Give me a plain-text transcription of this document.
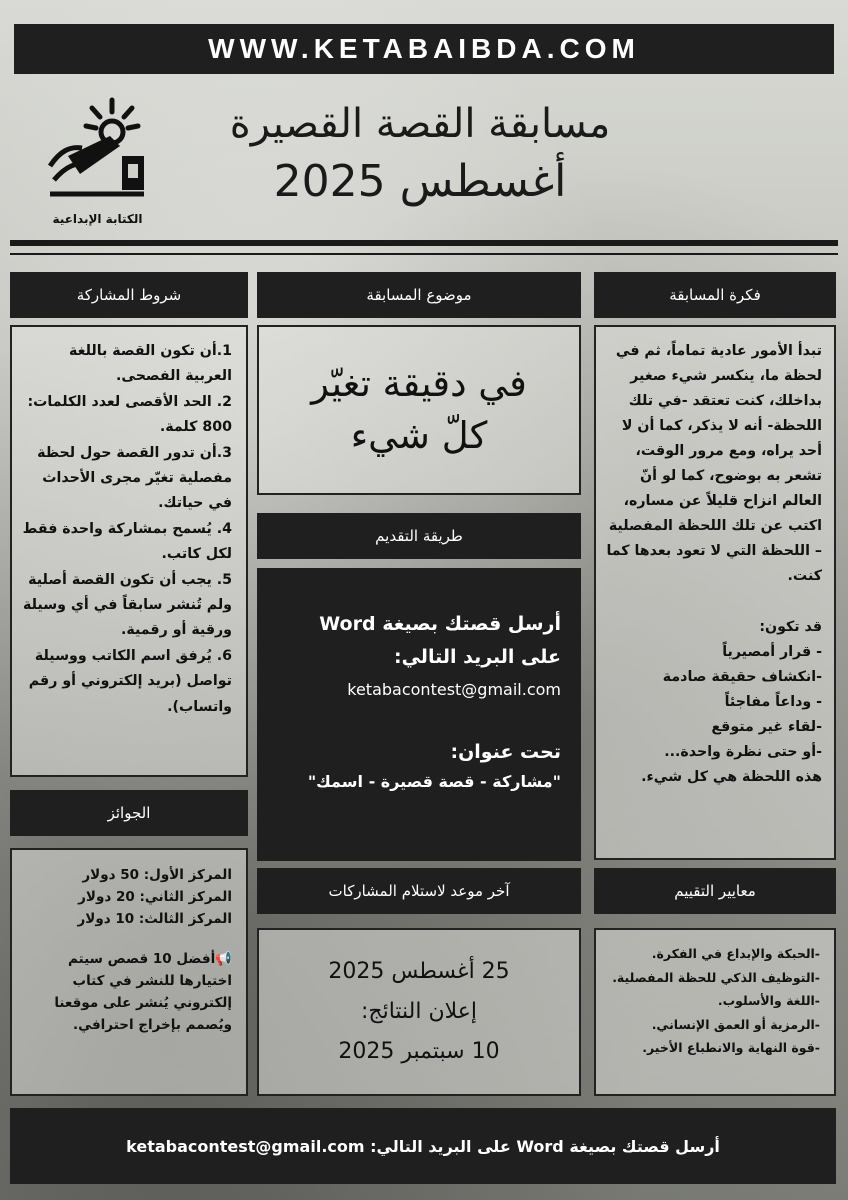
WWW.KETABAIBDA.COM
الكتابة الإبداعية
مسابقة القصة القصيرة
أغسطس 2025
شروط المشاركة	موضوع المسابقة	فكرة المسابقة

1.أن تكون القصة باللغة العربية الفصحى.

2. الحد الأقصى لعدد الكلمات: 800 كلمة.

3.أن تدور القصة حول لحظة مفصلية تغيّر مجرى الأحداث في حياتك.

4. يُسمح بمشاركة واحدة فقط لكل كاتب.

5. يجب أن تكون القصة أصلية ولم تُنشر سابقاً في أي وسيلة ورقية أو رقمية.

6. يُرفق اسم الكاتب ووسيلة تواصل (بريد إلكتروني أو رقم واتساب).

في دقيقة تغيّر
كلّ شيء

تبدأ الأمور عادية تماماً، ثم في لحظة ما، ينكسر شيء صغير بداخلك، كنت تعتقد -في تلك اللحظة- أنه لا يذكر، كما أن لا أحد يراه، ومع مرور الوقت، تشعر به بوضوح، كما لو أنّ العالم انزاح قليلاً عن مساره، اكتب عن تلك اللحظة المفصلية – اللحظة التي لا تعود بعدها كما كنت.

قد تكون:

- قرار أمصيرياً

-انكشاف حقيقة صادمة

- وداعاً مفاجئاً

-لقاء غير متوقع

-أو حتى نظرة واحدة...

هذه اللحظة هي كل شيء.

طريقة التقديم
أرسل قصتك بصيغة Word
على البريد التالي:
ketabacontest@gmail.com
تحت عنوان:
"مشاركة - قصة قصيرة - اسمك"
الجوائز

المركز الأول: 50 دولار

المركز الثاني: 20 دولار

المركز الثالث: 10 دولار

📢أفضل 10 قصص سيتم اختيارها للنشر في كتاب إلكتروني يُنشر على موقعنا ويُصمم بإخراج احترافي.

آخر موعد لاستلام المشاركات
25 أغسطس 2025
إعلان النتائج:
10 سبتمبر 2025
معايير التقييم

-الحبكة والإبداع في الفكرة.

-التوظيف الذكي للحظة المفصلية.

-اللغة والأسلوب.

-الرمزية أو العمق الإنساني.

-قوة النهاية والانطباع الأخير.

أرسل قصتك بصيغة Word على البريد التالي: ketabacontest@gmail.com
